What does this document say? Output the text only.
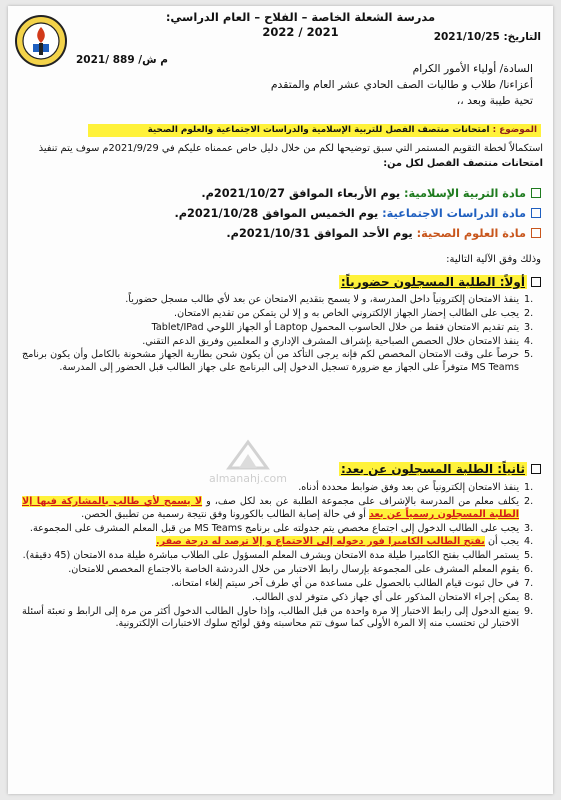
مدرسة الشعلة الخاصة – الفلاح – العام الدراسي: 2021 / 2022	التاريخ: 2021/10/25
م ش/ 889 /2021
السادة/ أولياء الأمور الكرام
أعزاءنا/ طلاب و طالبات الصف الحادي عشر العام والمتقدم
تحية طيبة وبعد ،،
الموضوع : امتحانات منتصف الفصل للتربية الإسلامية والدراسات الاجتماعية والعلوم الصحية
استكمالاً لخطة التقويم المستمر التي سبق توضيحها لكم من خلال دليل خاص عممناه عليكم في 2021/9/29م سوف يتم تنفيذ امتحانات منتصف الفصل لكل من:
مادة التربية الإسلامية: يوم الأربعاء الموافق 2021/10/27م.
مادة الدراسات الاجتماعية: يوم الخميس الموافق 2021/10/28م.
مادة العلوم الصحية: يوم الأحد الموافق 2021/10/31م.
وذلك وفق الآلية التالية:
أولاً: الطلبة المسجلون حضورياً:
.1
ينفذ الامتحان إلكترونياً داخل المدرسة، و لا يسمح بتقديم الامتحان عن بعد لأي طالب مسجل حضورياً.
.2
يجب على الطالب إحضار الجهاز الإلكتروني الخاص به و إلا لن يتمكن من تقديم الامتحان.
.3
يتم تقديم الامتحان فقط من خلال الحاسوب المحمول Laptop أو الجهاز اللوحي Tablet/IPad
.4
ينفذ الامتحان خلال الحصص الصباحية بإشراف المشرف الإداري و المعلمين وفريق الدعم التقني.
.5
حرصاً على وقت الامتحان المخصص لكم فإنه يرجى التأكد من أن يكون شحن بطارية الجهاز مشحونة بالكامل وأن يكون برنامج MS Teams متوفراً على الجهاز مع ضرورة تسجيل الدخول إلى البرنامج على جهاز الطالب قبل الحضور إلى المدرسة.
ثانياً: الطلبة المسجلون عن بعد:
.1
ينفذ الامتحان إلكترونياً عن بعد وفق ضوابط محددة أدناه.
.2
يكلف معلم من المدرسة بالإشراف على مجموعة الطلبة عن بعد لكل صف، و لا يسمح لأي طالب بالمشاركة فيها إلا الطلبة المسجلون رسمياً عن بعد أو في حالة إصابة الطالب بالكورونا وفق نتيجة رسمية من تطبيق الحصن.
.3
يجب على الطالب الدخول إلى اجتماع مخصص يتم جدولته على برنامج MS Teams من قبل المعلم المشرف على المجموعة.
.4
يجب أن يفتح الطالب الكاميرا فور دخوله إلى الاجتماع و إلا ترصد له درجة صفر.
.5
يستمر الطالب بفتح الكاميرا طيلة مدة الامتحان ويشرف المعلم المسؤول على الطلاب مباشرة طيلة مدة الامتحان (45 دقيقة).
.6
يقوم المعلم المشرف على المجموعة بإرسال رابط الاختبار من خلال الدردشة الخاصة بالاجتماع المخصص للامتحان.
.7
في حال ثبوت قيام الطالب بالحصول على مساعدة من أي طرف آخر سيتم إلغاء امتحانه.
.8
يمكن إجراء الامتحان المذكور على أي جهاز ذكي متوفر لدى الطالب.
.9
يمنع الدخول إلى رابط الاختبار إلا مرة واحدة من قبل الطالب، وإذا حاول الطالب الدخول أكثر من مرة إلى الرابط و تعبئة أسئلة الاختبار لن تحتسب منه إلا المرة الأولى كما سوف تتم محاسبته وفق لوائح سلوك الاختبارات الإلكترونية.
almanahj.com
